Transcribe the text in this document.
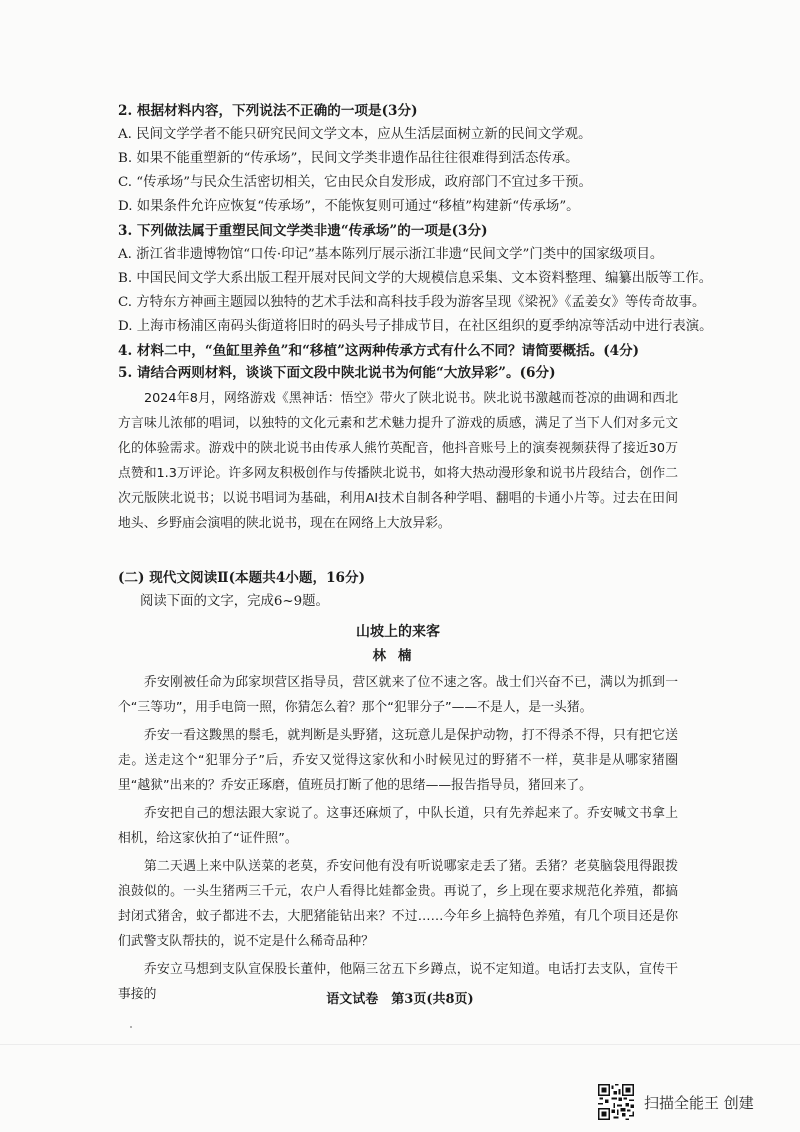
2. 根据材料内容，下列说法不正确的一项是(3分)

A. 民间文学学者不能只研究民间文学文本，应从生活层面树立新的民间文学观。

B. 如果不能重塑新的“传承场”，民间文学类非遗作品往往很难得到活态传承。

C. “传承场”与民众生活密切相关，它由民众自发形成，政府部门不宜过多干预。

D. 如果条件允许应恢复“传承场”，不能恢复则可通过“移植”构建新“传承场”。

3. 下列做法属于重塑民间文学类非遗“传承场”的一项是(3分)

A. 浙江省非遗博物馆“口传·印记”基本陈列厅展示浙江非遗“民间文学”门类中的国家级项目。

B. 中国民间文学大系出版工程开展对民间文学的大规模信息采集、文本资料整理、编纂出版等工作。

C. 方特东方神画主题园以独特的艺术手法和高科技手段为游客呈现《梁祝》《孟姜女》等传奇故事。

D. 上海市杨浦区南码头街道将旧时的码头号子排成节目，在社区组织的夏季纳凉等活动中进行表演。

4. 材料二中，“鱼缸里养鱼”和“移植”这两种传承方式有什么不同？请简要概括。(4分)

5. 请结合两则材料，谈谈下面文段中陕北说书为何能“大放异彩”。(6分)

2024年8月，网络游戏《黑神话：悟空》带火了陕北说书。陕北说书激越而苍凉的曲调和西北方言味儿浓郁的唱词，以独特的文化元素和艺术魅力提升了游戏的质感，满足了当下人们对多元文化的体验需求。游戏中的陕北说书由传承人熊竹英配音，他抖音账号上的演奏视频获得了接近30万点赞和1.3万评论。许多网友积极创作与传播陕北说书，如将大热动漫形象和说书片段结合，创作二次元版陕北说书；以说书唱词为基础，利用AI技术自制各种学唱、翻唱的卡通小片等。过去在田间地头、乡野庙会演唱的陕北说书，现在在网络上大放异彩。

(二) 现代文阅读Ⅱ(本题共4小题，16分)
阅读下面的文字，完成6~9题。
山坡上的来客
林楠

乔安刚被任命为邱家坝营区指导员，营区就来了位不速之客。战士们兴奋不已，满以为抓到一个“三等功”，用手电筒一照，你猜怎么着？那个“犯罪分子”——不是人，是一头猪。

乔安一看这黢黑的鬃毛，就判断是头野猪，这玩意儿是保护动物，打不得杀不得，只有把它送走。送走这个“犯罪分子”后，乔安又觉得这家伙和小时候见过的野猪不一样，莫非是从哪家猪圈里“越狱”出来的？乔安正琢磨，值班员打断了他的思绪——报告指导员，猪回来了。

乔安把自己的想法跟大家说了。这事还麻烦了，中队长道，只有先养起来了。乔安喊文书拿上相机，给这家伙拍了“证件照”。

第二天遇上来中队送菜的老莫，乔安问他有没有听说哪家走丢了猪。丢猪？老莫脑袋甩得跟拨浪鼓似的。一头生猪两三千元，农户人看得比娃都金贵。再说了，乡上现在要求规范化养殖，都搞封闭式猪舍，蚊子都进不去，大肥猪能钻出来？不过……今年乡上搞特色养殖，有几个项目还是你们武警支队帮扶的，说不定是什么稀奇品种？

乔安立马想到支队宣保股长董仲，他隔三岔五下乡蹲点，说不定知道。电话打去支队，宣传干事接的	语文试卷　第3页(共8页)
扫描全能王 创建
